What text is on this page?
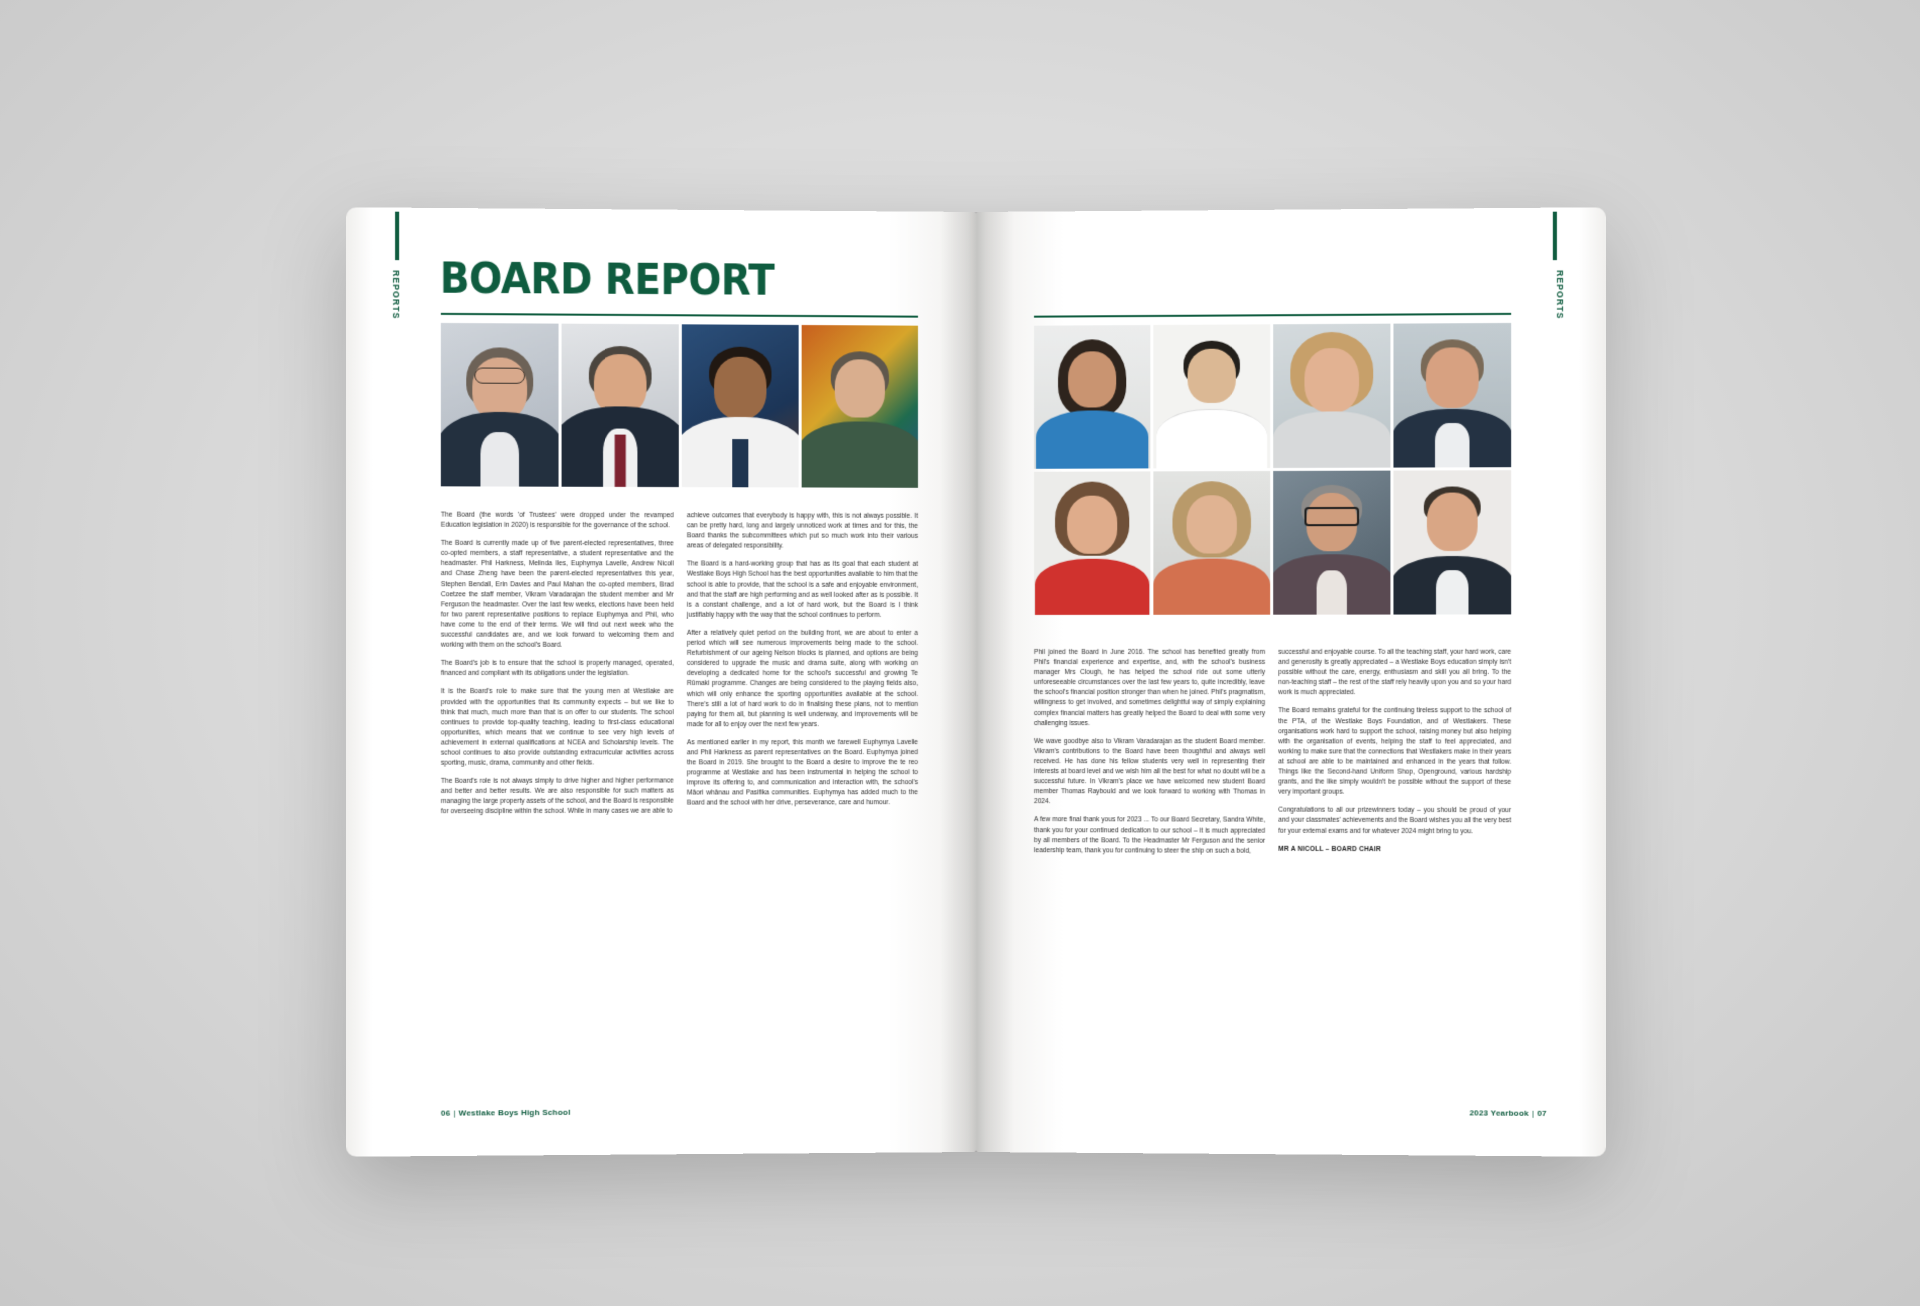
REPORTS BOARD REPORT

The Board (the words 'of Trustees' were dropped under the revamped Education legislation in 2020) is responsible for the governance of the school.

The Board is currently made up of five parent-elected representatives, three co-opted members, a staff representative, a student representative and the headmaster. Phil Harkness, Melinda Iles, Euphymya Lavelle, Andrew Nicoll and Chase Zheng have been the parent-elected representatives this year, Stephen Bendall, Erin Davies and Paul Mahan the co-opted members, Brad Coetzee the staff member, Vikram Varadarajan the student member and Mr Ferguson the headmaster. Over the last few weeks, elections have been held for two parent representative positions to replace Euphymya and Phil, who have come to the end of their terms. We will find out next week who the successful candidates are, and we look forward to welcoming them and working with them on the school's Board.

The Board's job is to ensure that the school is properly managed, operated, financed and compliant with its obligations under the legislation.

It is the Board's role to make sure that the young men at Westlake are provided with the opportunities that its community expects – but we like to think that much, much more than that is on offer to our students. The school continues to provide top-quality teaching, leading to first-class educational opportunities, which means that we continue to see very high levels of achievement in external qualifications at NCEA and Scholarship levels. The school continues to also provide outstanding extracurricular activities across sporting, music, drama, community and other fields.

The Board's role is not always simply to drive higher and higher performance and better and better results. We are also responsible for such matters as managing the large property assets of the school, and the Board is responsible for overseeing discipline within the school. While in many cases we are able to

achieve outcomes that everybody is happy with, this is not always possible. It can be pretty hard, long and largely unnoticed work at times and for this, the Board thanks the subcommittees which put so much work into their various areas of delegated responsibility.

The Board is a hard-working group that has as its goal that each student at Westlake Boys High School has the best opportunities available to him that the school is able to provide, that the school is a safe and enjoyable environment, and that the staff are high performing and as well looked after as is possible. It is a constant challenge, and a lot of hard work, but the Board is I think justifiably happy with the way that the school continues to perform.

After a relatively quiet period on the building front, we are about to enter a period which will see numerous improvements being made to the school. Refurbishment of our ageing Nelson blocks is planned, and options are being considered to upgrade the music and drama suite, along with working on developing a dedicated home for the school's successful and growing Te Rūmaki programme. Changes are being considered to the playing fields also, which will only enhance the sporting opportunities available at the school. There's still a lot of hard work to do in finalising these plans, not to mention paying for them all, but planning is well underway, and improvements will be made for all to enjoy over the next few years.

As mentioned earlier in my report, this month we farewell Euphymya Lavelle and Phil Harkness as parent representatives on the Board. Euphymya joined the Board in 2019. She brought to the Board a desire to improve the te reo programme at Westlake and has been instrumental in helping the school to improve its offering to, and communication and interaction with, the school's Māori whānau and Pasifika communities. Euphymya has added much to the Board and the school with her drive, perseverance, care and humour.

06 | Westlake Boys High School
REPORTS

Phil joined the Board in June 2016. The school has benefited greatly from Phil's financial experience and expertise, and, with the school's business manager Mrs Clough, he has helped the school ride out some utterly unforeseeable circumstances over the last few years to, quite incredibly, leave the school's financial position stronger than when he joined. Phil's pragmatism, willingness to get involved, and sometimes delightful way of simply explaining complex financial matters has greatly helped the Board to deal with some very challenging issues.

We wave goodbye also to Vikram Varadarajan as the student Board member. Vikram's contributions to the Board have been thoughtful and always well received. He has done his fellow students very well in representing their interests at board level and we wish him all the best for what no doubt will be a successful future. In Vikram's place we have welcomed new student Board member Thomas Raybould and we look forward to working with Thomas in 2024.

A few more final thank yous for 2023 ... To our Board Secretary, Sandra White, thank you for your continued dedication to our school – it is much appreciated by all members of the Board. To the Headmaster Mr Ferguson and the senior leadership team, thank you for continuing to steer the ship on such a bold,

successful and enjoyable course. To all the teaching staff, your hard work, care and generosity is greatly appreciated – a Westlake Boys education simply isn't possible without the care, energy, enthusiasm and skill you all bring. To the non-teaching staff – the rest of the staff rely heavily upon you and so your hard work is much appreciated.

The Board remains grateful for the continuing tireless support to the school of the PTA, of the Westlake Boys Foundation, and of Westlakers. These organisations work hard to support the school, raising money but also helping with the organisation of events, helping the staff to feel appreciated, and working to make sure that the connections that Westlakers make in their years at school are able to be maintained and enhanced in the years that follow. Things like the Second-hand Uniform Shop, Openground, various hardship grants, and the like simply wouldn't be possible without the support of these very important groups.

Congratulations to all our prizewinners today – you should be proud of your and your classmates' achievements and the Board wishes you all the very best for your external exams and for whatever 2024 might bring to you.

MR A NICOLL – BOARD CHAIR

2023 Yearbook | 07
